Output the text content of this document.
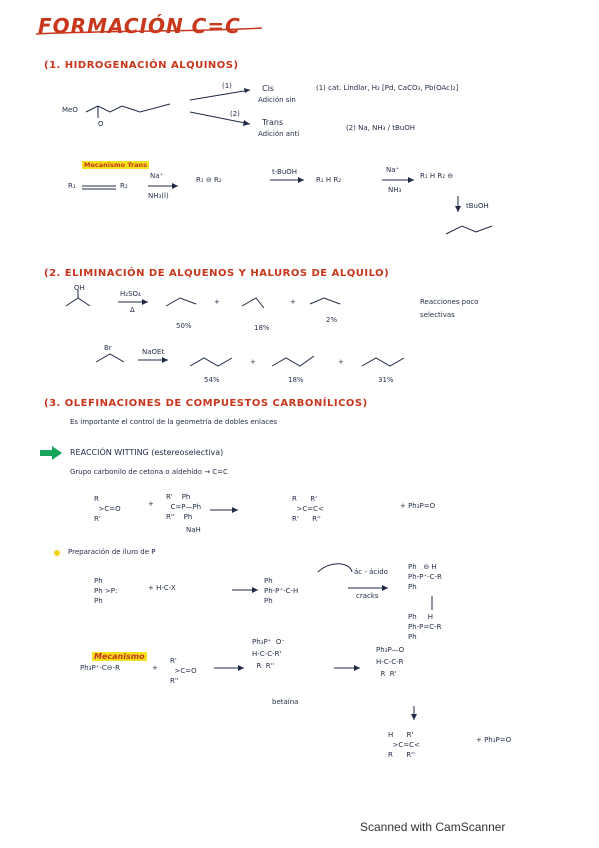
FORMACIÓN C=C
(1. HIDROGENACIÓN ALQUINOS)
MeO
O
(1)	Cis
Adición sin
(1) cat. Lindlar, H₂ [Pd, CaCO₃, Pb(OAc)₂]
(2)
Trans
Adición anti
(2) Na, NH₃ / tBuOH
Mecanismo Trans
R₁	R₂
Na⁺
NH₃(l)
R₁ ⊖ R₂
t-BuOH
R₁ H R₂
Na⁺
NH₃
R₁ H R₂ ⊖
tBuOH
(2. ELIMINACIÓN DE ALQUENOS Y HALUROS DE ALQUILO)
OH
H₂SO₄
Δ
50%	18%
2%
+	+	Reacciones poco selectivas
Br	NaOEt
54%	18%	31%
+	+
(3. OLEFINACIONES DE COMPUESTOS CARBONÍLICOS)
Es importante el control de la geometría de dobles enlaces
REACCIÓN WITTING (estereoselectiva)
Grupo carbonilo de cetona o aldehído → C=C
R
>C=O
R'
+
R'    Ph
C=P—Ph
R''    Ph
NaH
R      R'
>C=C<
R'      R''
+ Ph₃P=O
Preparación de iluro de P
Ph
Ph >P:
Ph
+ H-C-X
Ph
Ph-P⁺-C-H
Ph
ác - ácido
cracks
Ph   ⊖ H
Ph-P⁺-C-R
Ph
Ph     H
Ph-P=C-R
Ph
Mecanismo
Ph₃P⁺-C⊖-R	+
R'
>C=O
R''
Ph₃P⁺  O⁻
H-C-C-R'
R  R''
betaína
Ph₃P—O
H-C-C-R
R  R'
H      R'
>C=C<
R      R''
+ Ph₃P=O
Scanned with CamScanner
